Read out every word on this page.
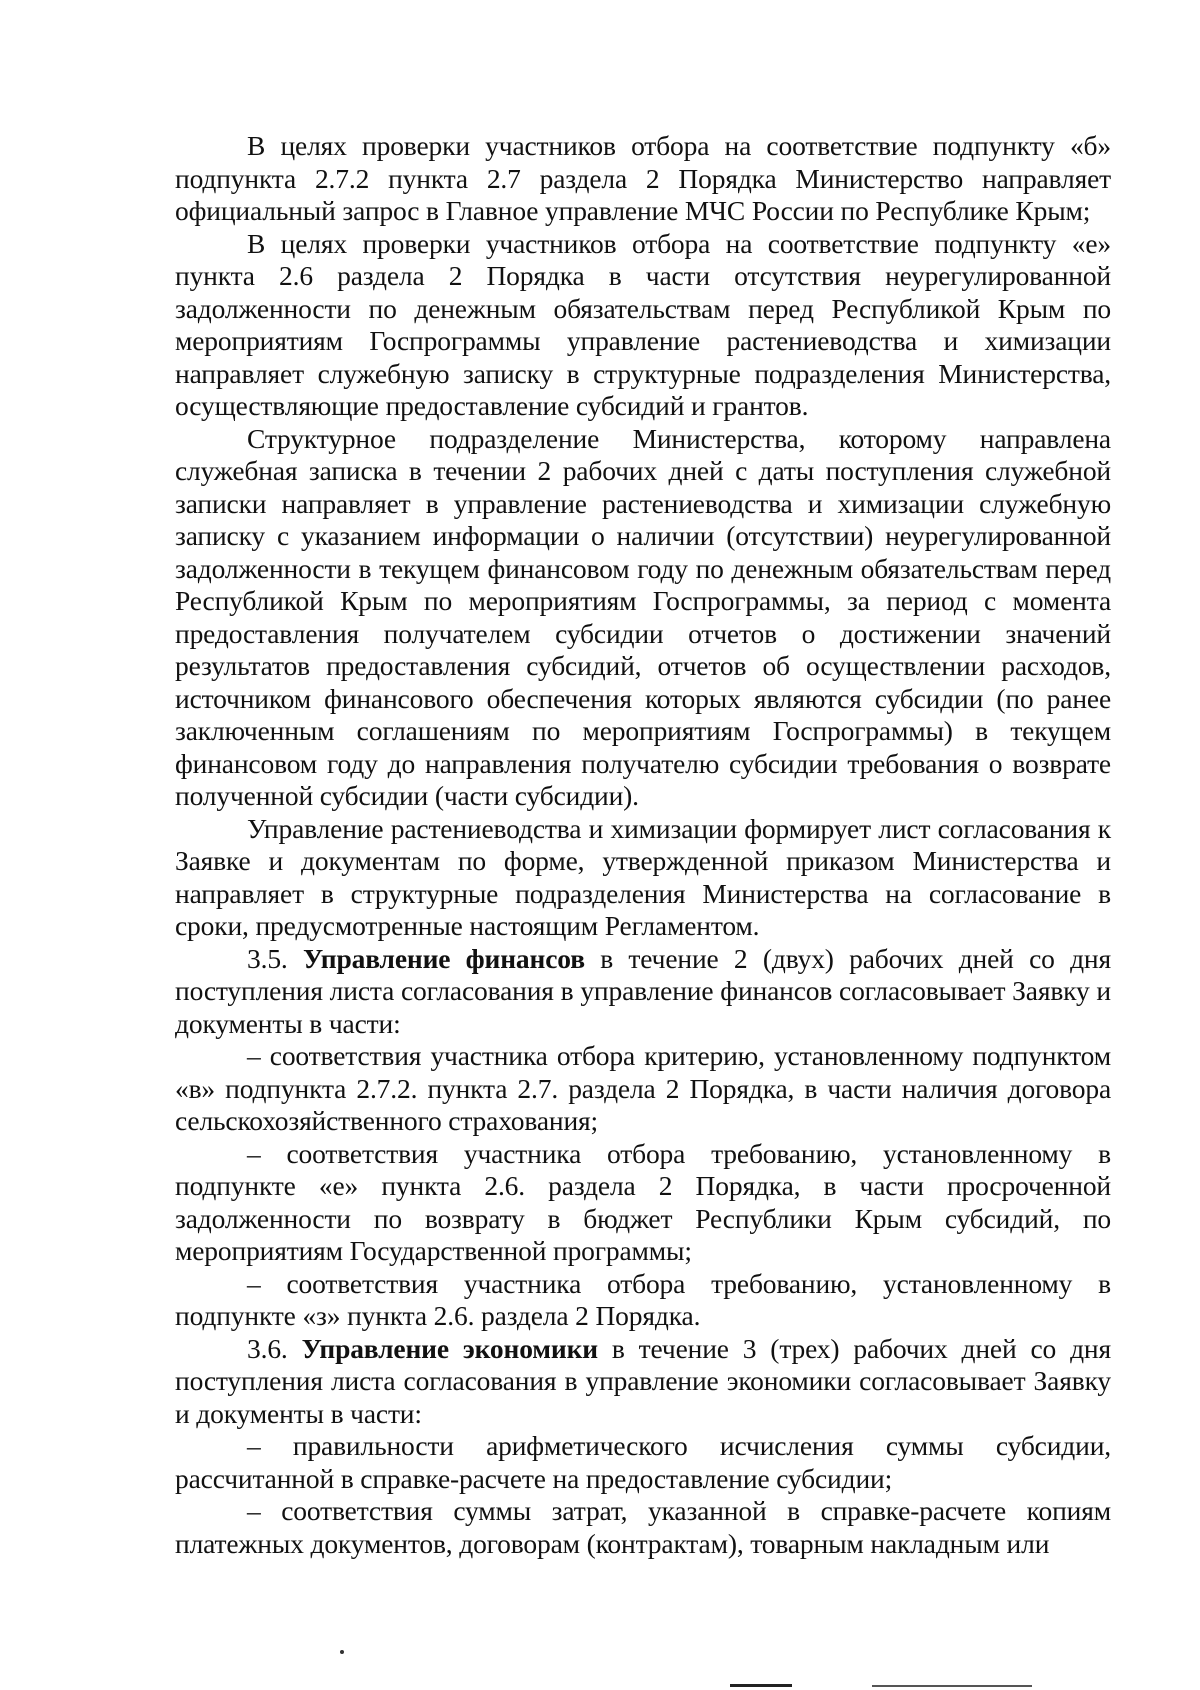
В целях проверки участников отбора на соответствие подпункту «б» подпункта 2.7.2 пункта 2.7 раздела 2 Порядка Министерство направляет официальный запрос в Главное управление МЧС России по Республике Крым;

В целях проверки участников отбора на соответствие подпункту «е» пункта 2.6 раздела 2 Порядка в части отсутствия неурегулированной задолженности по денежным обязательствам перед Республикой Крым по мероприятиям Госпрограммы управление растениеводства и химизации направляет служебную записку в структурные подразделения Министерства, осуществляющие предоставление субсидий и грантов.

Структурное подразделение Министерства, которому направлена служебная записка в течении 2 рабочих дней с даты поступления служебной записки направляет в управление растениеводства и химизации служебную записку с указанием информации о наличии (отсутствии) неурегулированной задолженности в текущем финансовом году по денежным обязательствам перед Республикой Крым по мероприятиям Госпрограммы, за период с момента предоставления получателем субсидии отчетов о достижении значений результатов предоставления субсидий, отчетов об осуществлении расходов, источником финансового обеспечения которых являются субсидии (по ранее заключенным соглашениям по мероприятиям Госпрограммы) в текущем финансовом году до направления получателю субсидии требования о возврате полученной субсидии (части субсидии).

Управление растениеводства и химизации формирует лист согласования к Заявке и документам по форме, утвержденной приказом Министерства и направляет в структурные подразделения Министерства на согласование в сроки, предусмотренные настоящим Регламентом.

3.5. Управление финансов в течение 2 (двух) рабочих дней со дня поступления листа согласования в управление финансов согласовывает Заявку и документы в части:

– соответствия участника отбора критерию, установленному подпунктом «в» подпункта 2.7.2. пункта 2.7. раздела 2 Порядка, в части наличия договора сельскохозяйственного страхования;

– соответствия участника отбора требованию, установленному в подпункте «е» пункта 2.6. раздела 2 Порядка, в части просроченной задолженности по возврату в бюджет Республики Крым субсидий, по мероприятиям Государственной программы;

– соответствия участника отбора требованию, установленному в подпункте «з» пункта 2.6. раздела 2 Порядка.

3.6. Управление экономики в течение 3 (трех) рабочих дней со дня поступления листа согласования в управление экономики согласовывает Заявку и документы в части:

– правильности арифметического исчисления суммы субсидии, рассчитанной в справке-расчете на предоставление субсидии;

– соответствия суммы затрат, указанной в справке-расчете копиям платежных документов, договорам (контрактам), товарным накладным или
